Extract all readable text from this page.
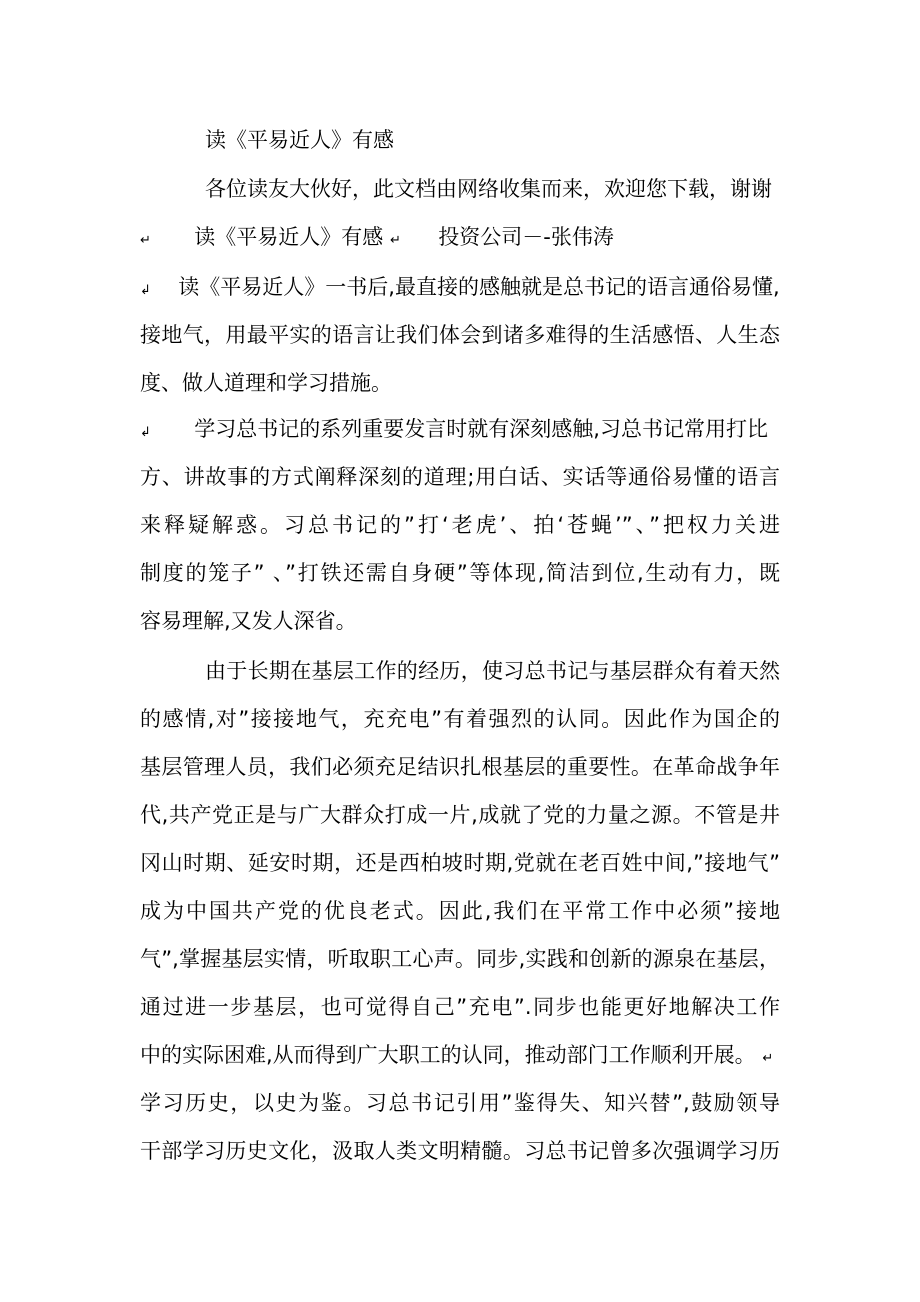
读《平易近人》有感
各位读友大伙好，此文档由网络收集而来，欢迎您下载，谢谢
↵ 读《平易近人》有感 ↵ 投资公司－-张伟涛
↲ 读《平易近人》一书后,最直接的感触就是总书记的语言通俗易懂,
接地气，用最平实的语言让我们体会到诸多难得的生活感悟、人生态
度、做人道理和学习措施。
↲ 学习总书记的系列重要发言时就有深刻感触,习总书记常用打比
方、讲故事的方式阐释深刻的道理;用白话、实话等通俗易懂的语言
来释疑解惑。习总书记的”打‘老虎’、拍‘苍蝇’”、”把权力关进
制度的笼子” 、”打铁还需自身硬”等体现,简洁到位,生动有力，既
容易理解,又发人深省。
由于长期在基层工作的经历，使习总书记与基层群众有着天然
的感情,对”接接地气，充充电”有着强烈的认同。因此作为国企的
基层管理人员，我们必须充足结识扎根基层的重要性。在革命战争年
代,共产党正是与广大群众打成一片,成就了党的力量之源。不管是井
冈山时期、延安时期，还是西柏坡时期,党就在老百姓中间,”接地气”
成为中国共产党的优良老式。因此,我们在平常工作中必须”接地
气”,掌握基层实情，听取职工心声。同步,实践和创新的源泉在基层，
通过进一步基层，也可觉得自己”充电”.同步也能更好地解决工作
中的实际困难,从而得到广大职工的认同，推动部门工作顺利开展。 ↵
学习历史，以史为鉴。习总书记引用”鉴得失、知兴替”,鼓励领导
干部学习历史文化，汲取人类文明精髓。习总书记曾多次强调学习历
